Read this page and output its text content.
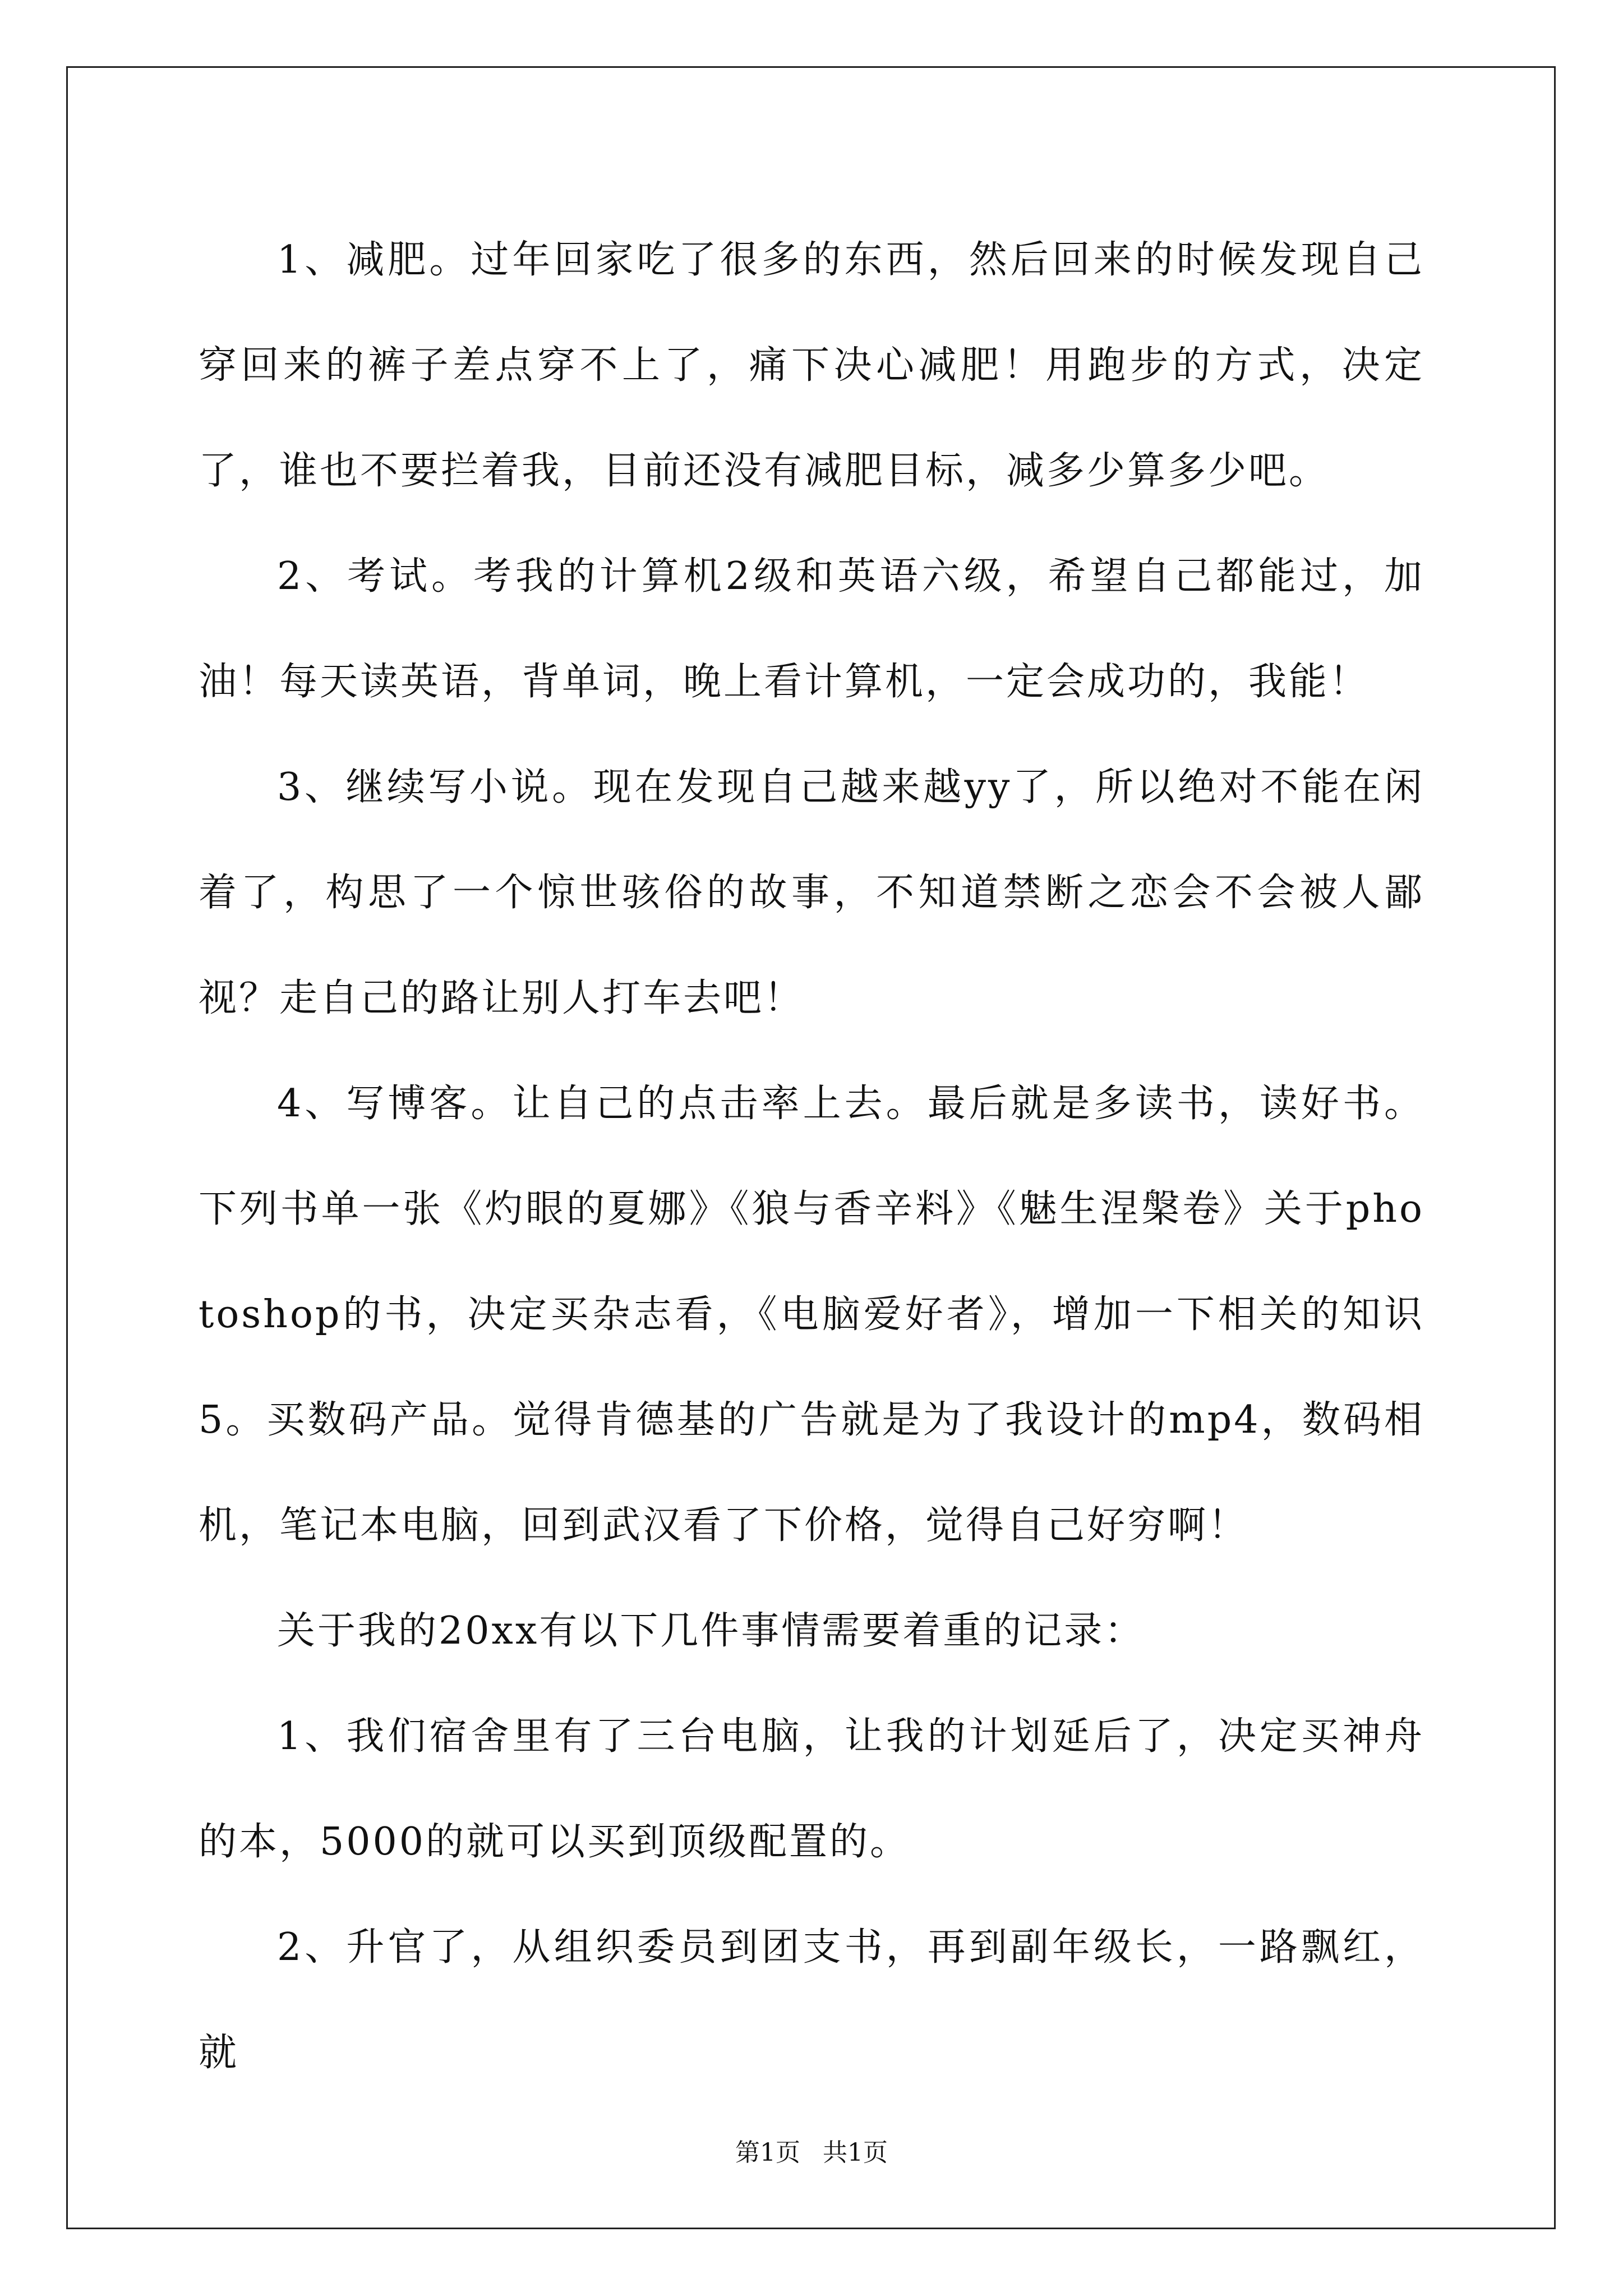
1、减肥。过年回家吃了很多的东西，然后回来的时候发现自己穿回来的裤子差点穿不上了，痛下决心减肥！用跑步的方式，决定了，谁也不要拦着我，目前还没有减肥目标，减多少算多少吧。

2、考试。考我的计算机2级和英语六级，希望自己都能过，加油！每天读英语，背单词，晚上看计算机，一定会成功的，我能！

3、继续写小说。现在发现自己越来越yy了，所以绝对不能在闲着了，构思了一个惊世骇俗的故事，不知道禁断之恋会不会被人鄙视？走自己的路让别人打车去吧！

4、写博客。让自己的点击率上去。最后就是多读书，读好书。下列书单一张《灼眼的夏娜》《狼与香辛料》《魅生涅槃卷》关于photoshop的书，决定买杂志看，《电脑爱好者》，增加一下相关的知识5。买数码产品。觉得肯德基的广告就是为了我设计的mp4，数码相机，笔记本电脑，回到武汉看了下价格，觉得自己好穷啊！

关于我的20xx有以下几件事情需要着重的记录：

1、我们宿舍里有了三台电脑，让我的计划延后了，决定买神舟的本，5000的就可以买到顶级配置的。

2、升官了，从组织委员到团支书，再到副年级长，一路飘红，就

第1页 共1页
